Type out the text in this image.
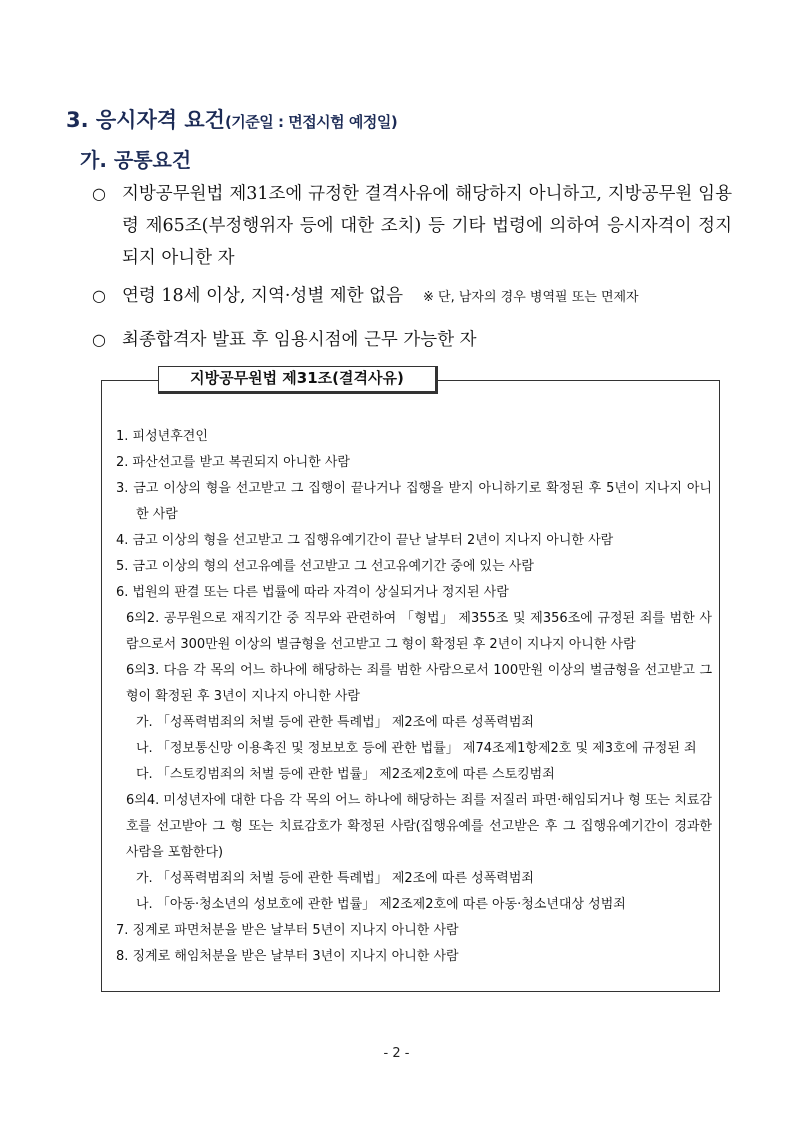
3. 응시자격 요건(기준일 : 면접시험 예정일)
가. 공통요건
○ 지방공무원법 제31조에 규정한 결격사유에 해당하지 아니하고, 지방공무원 임용령 제65조(부정행위자 등에 대한 조치) 등 기타 법령에 의하여 응시자격이 정지되지 아니한 자
○ 연령 18세 이상, 지역·성별 제한 없음 ※ 단, 남자의 경우 병역필 또는 면제자
○ 최종합격자 발표 후 임용시점에 근무 가능한 자
지방공무원법 제31조(결격사유)
1. 피성년후견인
2. 파산선고를 받고 복권되지 아니한 사람
3. 금고 이상의 형을 선고받고 그 집행이 끝나거나 집행을 받지 아니하기로 확정된 후 5년이 지나지 아니한 사람
4. 금고 이상의 형을 선고받고 그 집행유예기간이 끝난 날부터 2년이 지나지 아니한 사람
5. 금고 이상의 형의 선고유예를 선고받고 그 선고유예기간 중에 있는 사람
6. 법원의 판결 또는 다른 법률에 따라 자격이 상실되거나 정지된 사람
6의2. 공무원으로 재직기간 중 직무와 관련하여 「형법」 제355조 및 제356조에 규정된 죄를 범한 사람으로서 300만원 이상의 벌금형을 선고받고 그 형이 확정된 후 2년이 지나지 아니한 사람
6의3. 다음 각 목의 어느 하나에 해당하는 죄를 범한 사람으로서 100만원 이상의 벌금형을 선고받고 그 형이 확정된 후 3년이 지나지 아니한 사람
가. 「성폭력범죄의 처벌 등에 관한 특례법」 제2조에 따른 성폭력범죄
나. 「정보통신망 이용촉진 및 정보보호 등에 관한 법률」 제74조제1항제2호 및 제3호에 규정된 죄
다. 「스토킹범죄의 처벌 등에 관한 법률」 제2조제2호에 따른 스토킹범죄
6의4. 미성년자에 대한 다음 각 목의 어느 하나에 해당하는 죄를 저질러 파면·해임되거나 형 또는 치료감호를 선고받아 그 형 또는 치료감호가 확정된 사람(집행유예를 선고받은 후 그 집행유예기간이 경과한 사람을 포함한다)
가. 「성폭력범죄의 처벌 등에 관한 특례법」 제2조에 따른 성폭력범죄
나. 「아동·청소년의 성보호에 관한 법률」 제2조제2호에 따른 아동·청소년대상 성범죄
7. 징계로 파면처분을 받은 날부터 5년이 지나지 아니한 사람
8. 징계로 해임처분을 받은 날부터 3년이 지나지 아니한 사람
- 2 -
